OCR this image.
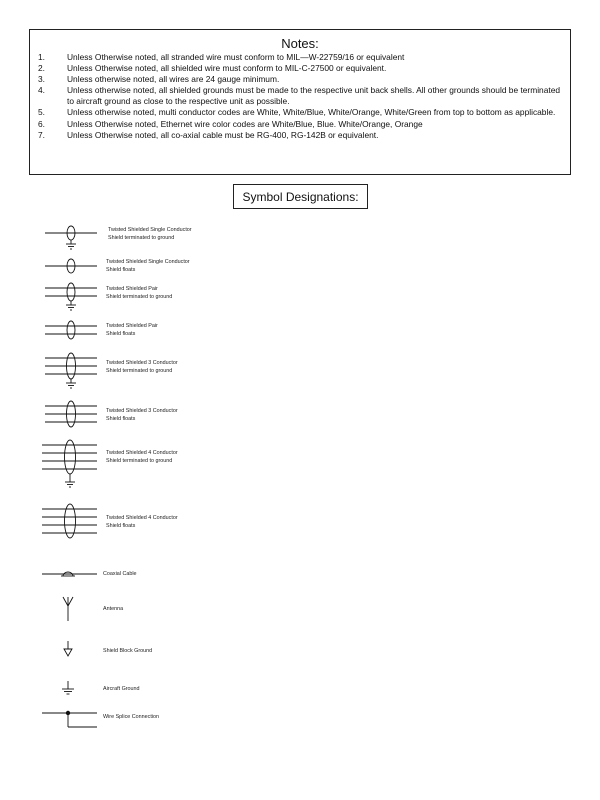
Notes:
1.	Unless Otherwise noted, all stranded wire must conform to MIL—W-22759/16 or equivalent
2.	Unless Otherwise noted, all shielded wire must conform to MIL-C-27500 or equivalent.
3.	Unless otherwise noted, all wires are 24 gauge minimum.
4.	Unless otherwise noted, all shielded grounds must be made to the respective unit back shells. All other grounds should be terminated to aircraft ground as close to the respective unit as possible.
5.	Unless otherwise noted, multi conductor codes are White, White/Blue, White/Orange, White/Green from top to bottom as applicable.
6.	Unless Otherwise noted, Ethernet wire color codes are White/Blue, Blue. White/Orange, Orange
7.	Unless Otherwise noted, all co-axial cable must be RG-400, RG-142B or equivalent.
Symbol Designations:
Twisted Shielded Single Conductor
Shield terminated to ground
Twisted Shielded Single Conductor
Shield floats
Twisted Shielded Pair
Shield terminated to ground
Twisted Shielded Pair
Shield floats
Twisted Shielded 3 Conductor
Shield terminated to ground
Twisted Shielded 3 Conductor
Shield floats
Twisted Shielded 4 Conductor
Shield terminated to ground
Twisted Shielded 4 Conductor
Shield floats
Coaxial Cable
Antenna
Shield Block Ground
Aircraft Ground
Wire Splice Connection
